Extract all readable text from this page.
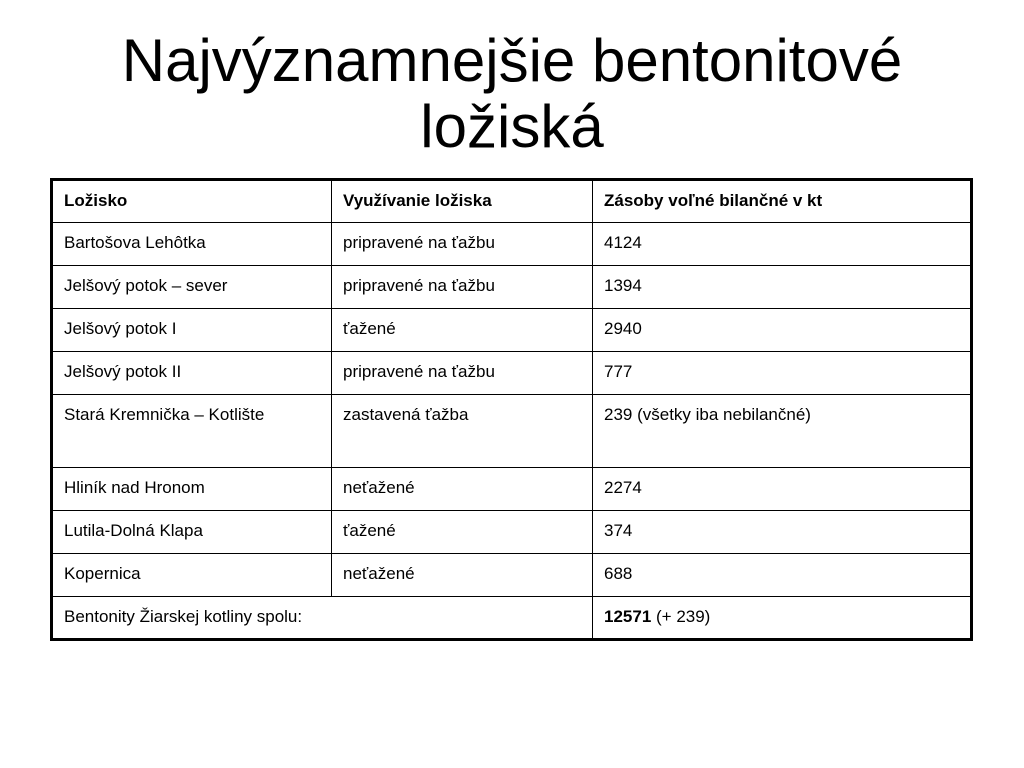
Najvýznamnejšie bentonitové
ložiská
Ložisko	Využívanie ložiska	Zásoby voľné bilančné v kt
Bartošova Lehôtka	pripravené na ťažbu	4124
Jelšový potok – sever	pripravené na ťažbu	1394
Jelšový potok I	ťažené	2940
Jelšový potok II	pripravené na ťažbu	777
Stará Kremnička – Kotlište	zastavená ťažba	239 (všetky iba nebilančné)
Hliník nad Hronom	neťažené	2274
Lutila-Dolná Klapa	ťažené	374
Kopernica	neťažené	688
Bentonity Žiarskej kotliny spolu:		12571 (+ 239)
